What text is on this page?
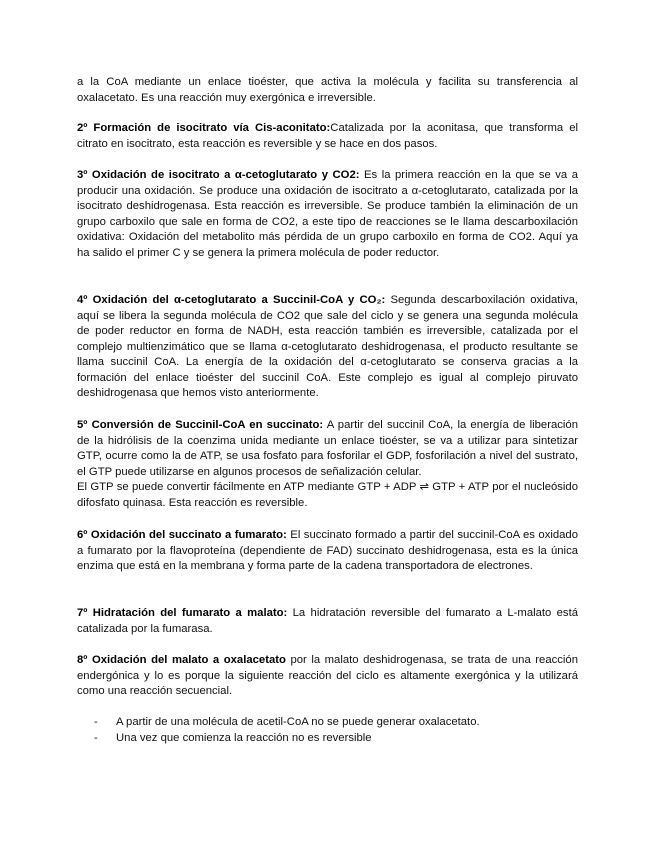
a la CoA mediante un enlace tioéster, que activa la molécula y facilita su transferencia al oxalacetato. Es una reacción muy exergónica e irreversible.

2º Formación de isocitrato vía Cis-aconitato:Catalizada por la aconitasa, que transforma el citrato en isocitrato, esta reacción es reversible y se hace en dos pasos.

3º Oxidación de isocitrato a α-cetoglutarato y CO2: Es la primera reacción en la que se va a producir una oxidación. Se produce una oxidación de isocitrato a α-cetoglutarato, catalizada por la isocitrato deshidrogenasa. Esta reacción es irreversible. Se produce también la eliminación de un grupo carboxilo que sale en forma de CO2, a este tipo de reacciones se le llama descarboxilación oxidativa: Oxidación del metabolito más pérdida de un grupo carboxilo en forma de CO2. Aquí ya ha salido el primer C y se genera la primera molécula de poder reductor.

4º Oxidación del α-cetoglutarato a Succinil-CoA y CO₂: Segunda descarboxilación oxidativa, aquí se libera la segunda molécula de CO2 que sale del ciclo y se genera una segunda molécula de poder reductor en forma de NADH, esta reacción también es irreversible, catalizada por el complejo multienzimático que se llama α-cetoglutarato deshidrogenasa, el producto resultante se llama succinil CoA. La energía de la oxidación del α-cetoglutarato se conserva gracias a la formación del enlace tioéster del succinil CoA. Este complejo es igual al complejo piruvato deshidrogenasa que hemos visto anteriormente.

5º Conversión de Succinil-CoA en succinato: A partir del succinil CoA, la energía de liberación de la hidrólisis de la coenzima unida mediante un enlace tioéster, se va a utilizar para sintetizar GTP, ocurre como la de ATP, se usa fosfato para fosforilar el GDP, fosforilación a nivel del sustrato, el GTP puede utilizarse en algunos procesos de señalización celular.

El GTP se puede convertir fácilmente en ATP mediante GTP + ADP ⇌ GTP + ATP por el nucleósido difosfato quinasa. Esta reacción es reversible.

6º Oxidación del succinato a fumarato: El succinato formado a partir del succinil-CoA es oxidado a fumarato por la flavoproteína (dependiente de FAD) succinato deshidrogenasa, esta es la única enzima que está en la membrana y forma parte de la cadena transportadora de electrones.

7º Hidratación del fumarato a malato: La hidratación reversible del fumarato a L-malato está catalizada por la fumarasa.

8º Oxidación del malato a oxalacetato por la malato deshidrogenasa, se trata de una reacción endergónica y lo es porque la siguiente reacción del ciclo es altamente exergónica y la utilizará como una reacción secuencial.

- A partir de una molécula de acetil-CoA no se puede generar oxalacetato.
- Una vez que comienza la reacción no es reversible
